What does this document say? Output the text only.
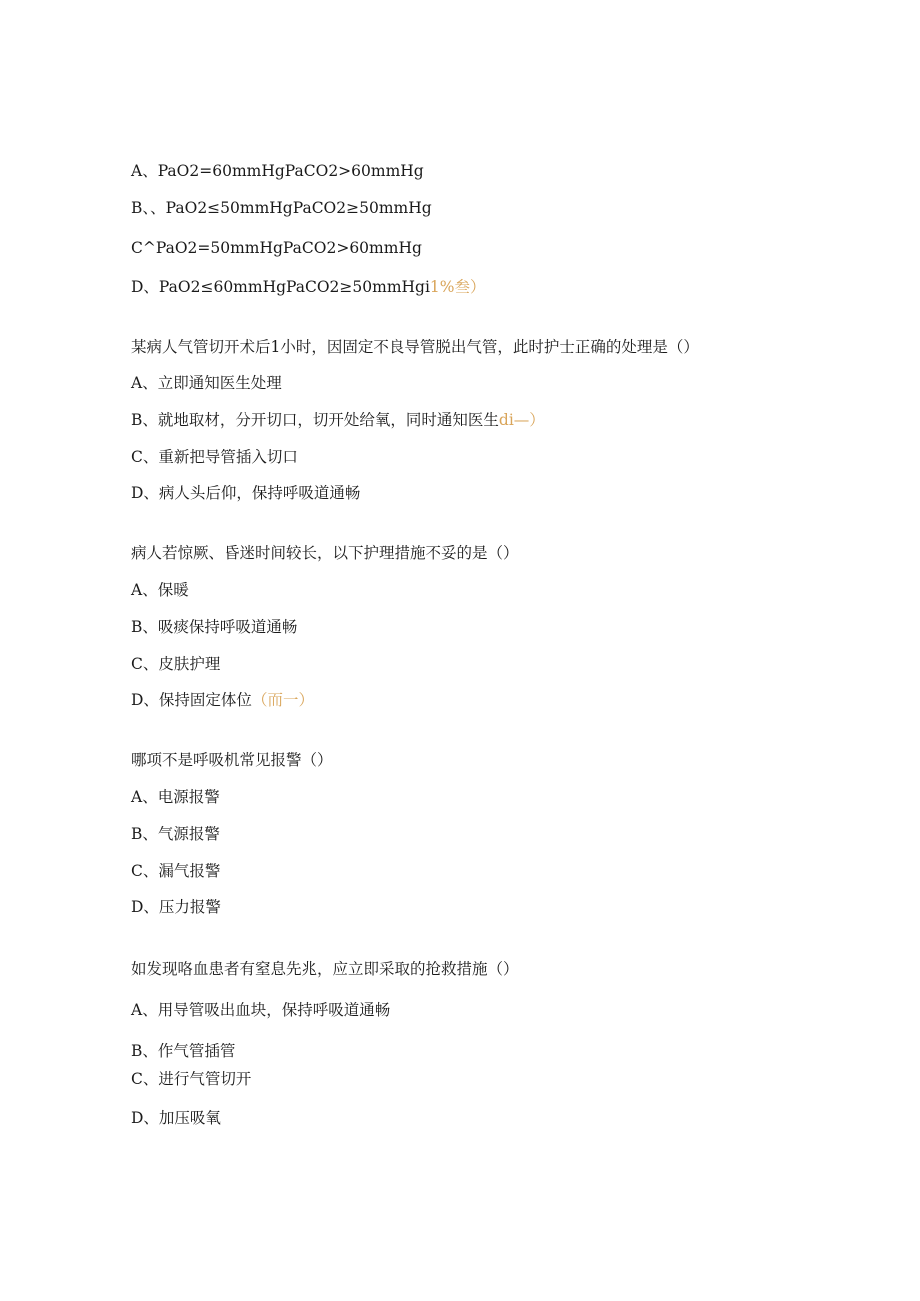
A、PaO2=60mmHgPaCO2>60mmHg
B、、PaO2≤50mmHgPaCO2≥50mmHg
C^PaO2=50mmHgPaCO2>60mmHg
D、PaO2≤60mmHgPaCO2≥50mmHgi1%叁）
某病人气管切开术后1小时，因固定不良导管脱出气管，此时护士正确的处理是（）
A、立即通知医生处理
B、就地取材，分开切口，切开处给氧，同时通知医生di—）
C、重新把导管插入切口
D、病人头后仰，保持呼吸道通畅
病人若惊厥、昏迷时间较长，以下护理措施不妥的是（）
A、保暖
B、吸痰保持呼吸道通畅
C、皮肤护理
D、保持固定体位（而一）
哪项不是呼吸机常见报警（）
A、电源报警
B、气源报警
C、漏气报警
D、压力报警
如发现咯血患者有窒息先兆，应立即采取的抢救措施（）
A、用导管吸出血块，保持呼吸道通畅
B、作气管插管
C、进行气管切开
D、加压吸氧
